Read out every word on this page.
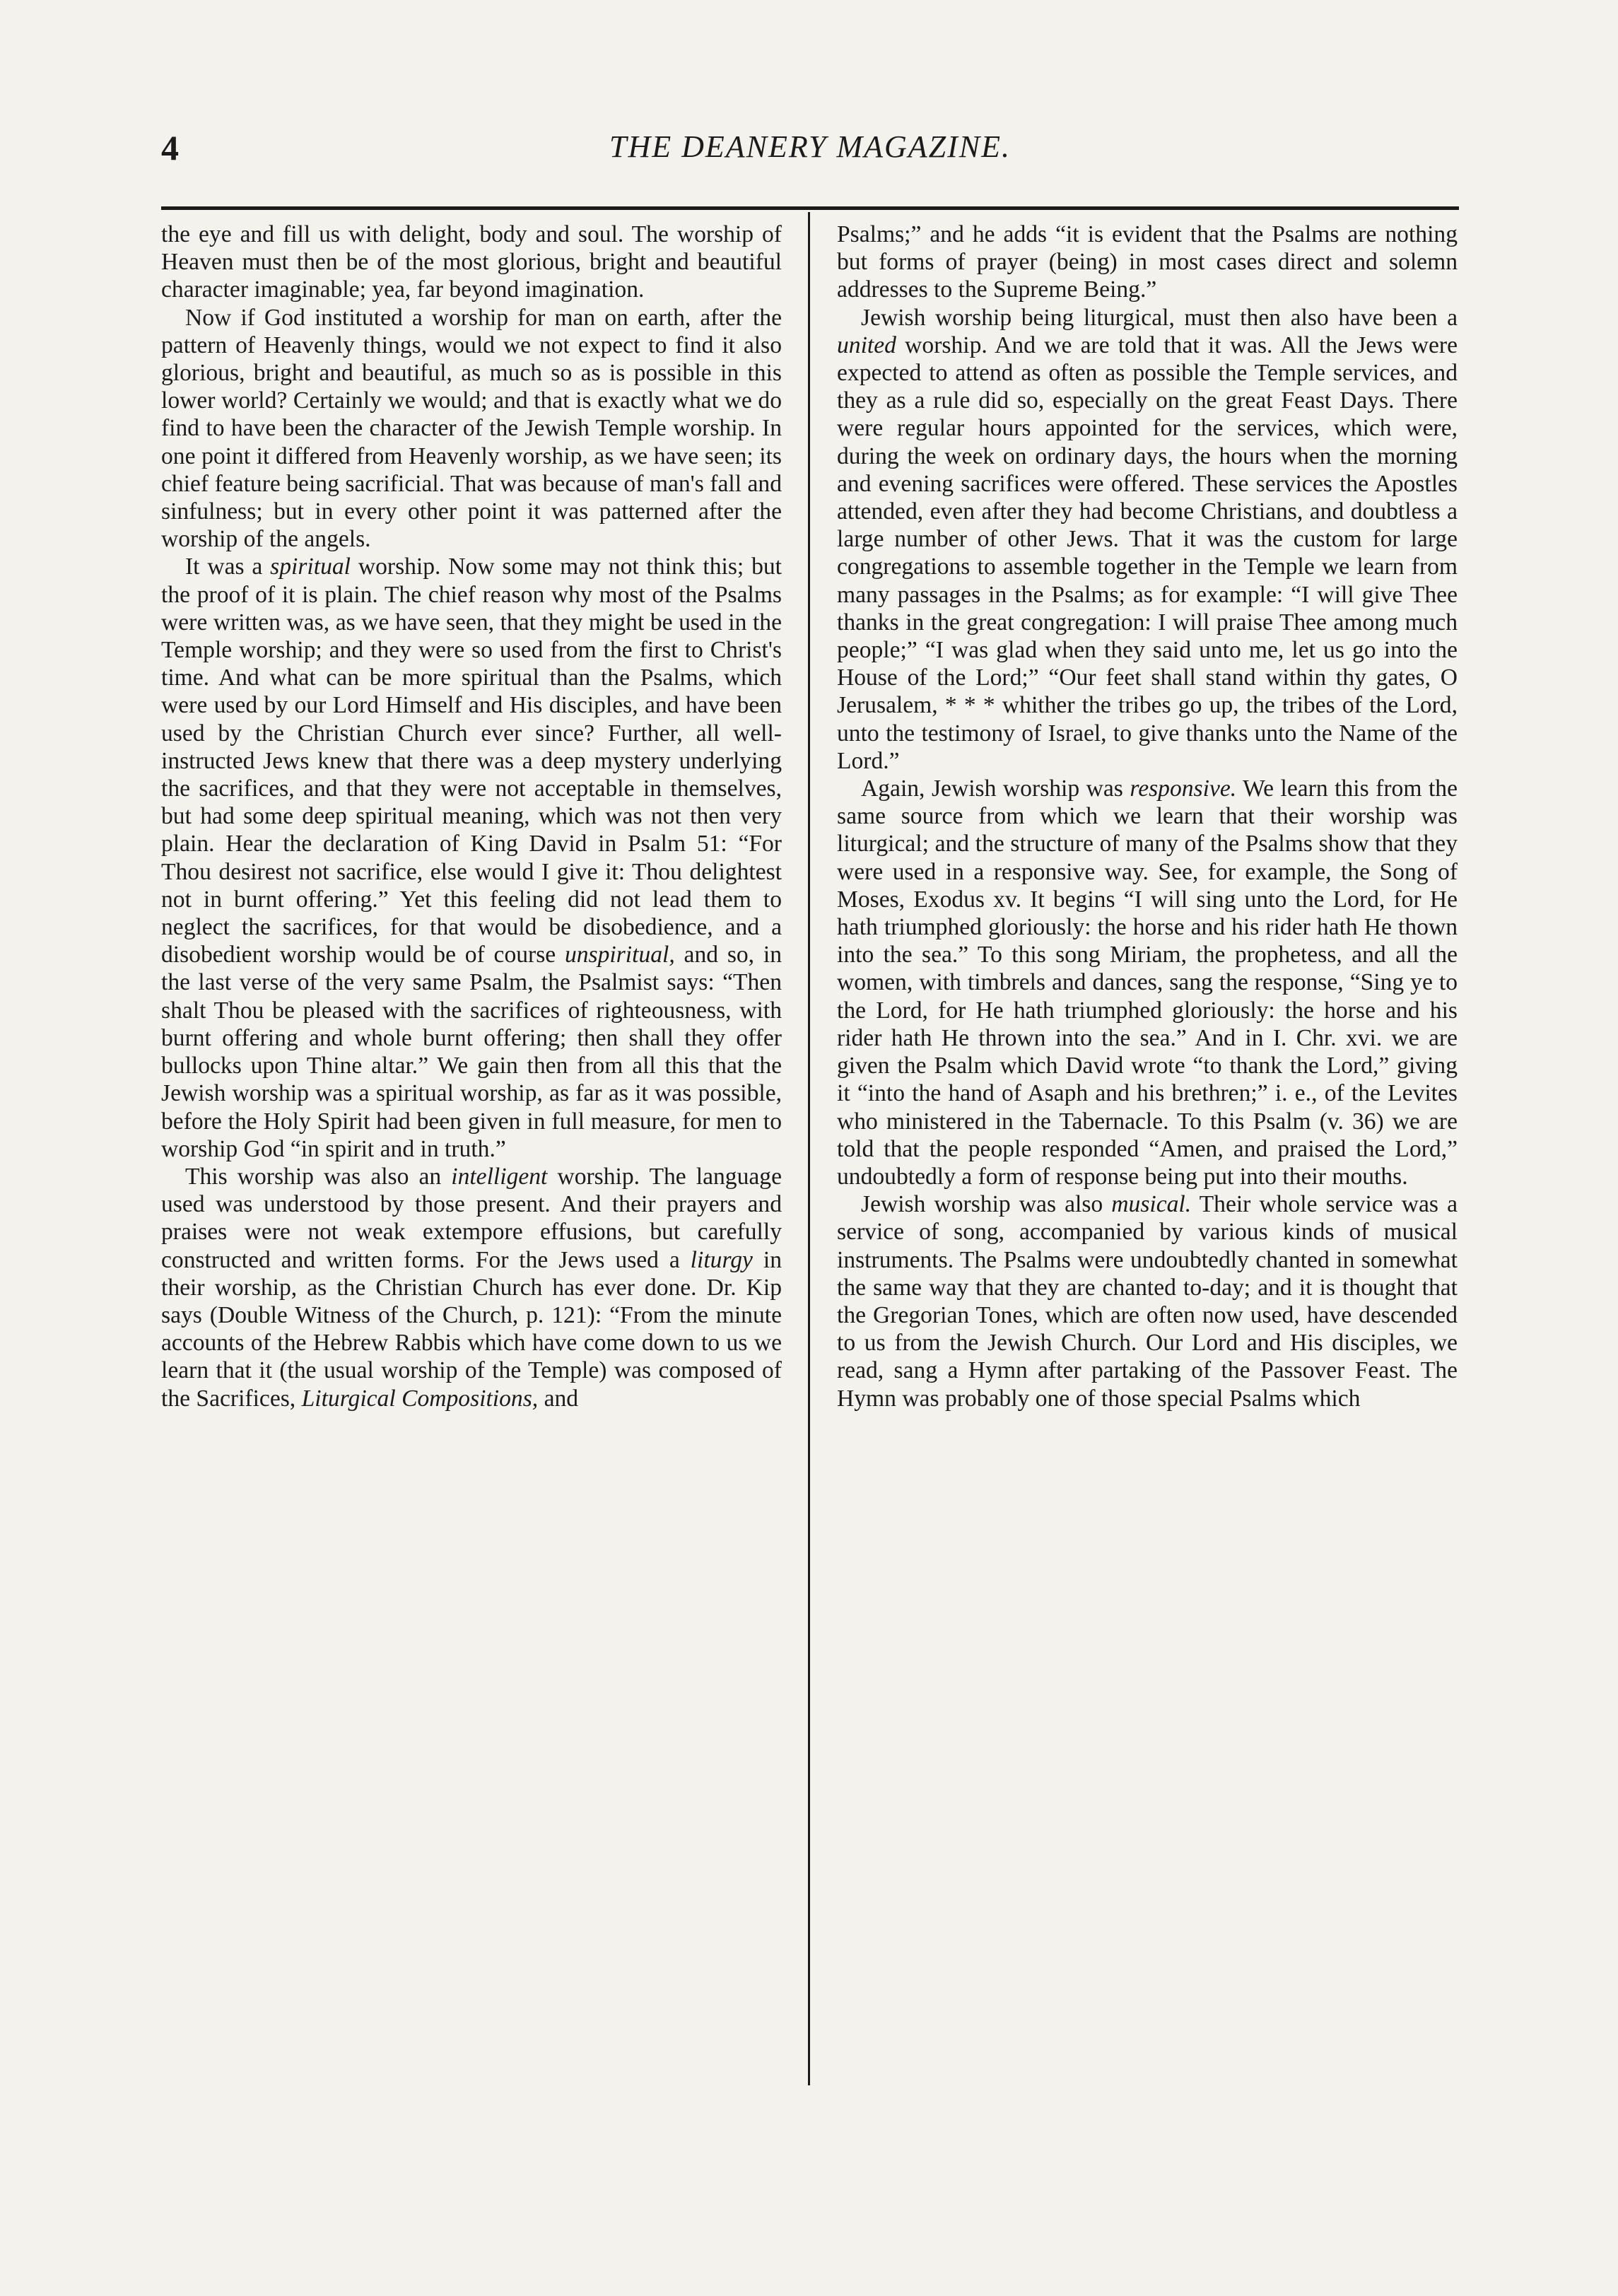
4	THE DEANERY MAGAZINE.

the eye and fill us with delight, body and soul. The worship of Heaven must then be of the most glorious, bright and beautiful character imaginable; yea, far beyond imagination.

Now if God instituted a worship for man on earth, after the pattern of Heavenly things, would we not expect to find it also glorious, bright and beautiful, as much so as is possible in this lower world? Certainly we would; and that is exactly what we do find to have been the character of the Jewish Temple worship. In one point it differed from Heavenly worship, as we have seen; its chief feature being sacrificial. That was because of man's fall and sinfulness; but in every other point it was patterned after the worship of the angels.

It was a spiritual worship. Now some may not think this; but the proof of it is plain. The chief reason why most of the Psalms were written was, as we have seen, that they might be used in the Temple worship; and they were so used from the first to Christ's time. And what can be more spiritual than the Psalms, which were used by our Lord Himself and His disciples, and have been used by the Christian Church ever since? Further, all well-instructed Jews knew that there was a deep mystery underlying the sacrifices, and that they were not acceptable in themselves, but had some deep spiritual meaning, which was not then very plain. Hear the declaration of King David in Psalm 51: “For Thou desirest not sacrifice, else would I give it: Thou delightest not in burnt offering.” Yet this feeling did not lead them to neglect the sacrifices, for that would be disobedience, and a disobedient worship would be of course unspiritual, and so, in the last verse of the very same Psalm, the Psalmist says: “Then shalt Thou be pleased with the sacrifices of righteousness, with burnt offering and whole burnt offering; then shall they offer bullocks upon Thine altar.” We gain then from all this that the Jewish worship was a spiritual worship, as far as it was possible, before the Holy Spirit had been given in full measure, for men to worship God “in spirit and in truth.”

This worship was also an intelligent worship. The language used was understood by those present. And their prayers and praises were not weak extempore effusions, but carefully constructed and written forms. For the Jews used a liturgy in their worship, as the Christian Church has ever done. Dr. Kip says (Double Witness of the Church, p. 121): “From the minute accounts of the Hebrew Rabbis which have come down to us we learn that it (the usual worship of the Temple) was composed of the Sacrifices, Liturgical Compositions, and

Psalms;” and he adds “it is evident that the Psalms are nothing but forms of prayer (being) in most cases direct and solemn addresses to the Supreme Being.”

Jewish worship being liturgical, must then also have been a united worship. And we are told that it was. All the Jews were expected to attend as often as possible the Temple services, and they as a rule did so, especially on the great Feast Days. There were regular hours appointed for the services, which were, during the week on ordinary days, the hours when the morning and evening sacrifices were offered. These services the Apostles attended, even after they had become Christians, and doubtless a large number of other Jews. That it was the custom for large congregations to assemble together in the Temple we learn from many passages in the Psalms; as for example: “I will give Thee thanks in the great congregation: I will praise Thee among much people;” “I was glad when they said unto me, let us go into the House of the Lord;” “Our feet shall stand within thy gates, O Jerusalem, * * * whither the tribes go up, the tribes of the Lord, unto the testimony of Israel, to give thanks unto the Name of the Lord.”

Again, Jewish worship was responsive. We learn this from the same source from which we learn that their worship was liturgical; and the structure of many of the Psalms show that they were used in a responsive way. See, for example, the Song of Moses, Exodus xv. It begins “I will sing unto the Lord, for He hath triumphed gloriously: the horse and his rider hath He thown into the sea.” To this song Miriam, the prophetess, and all the women, with timbrels and dances, sang the response, “Sing ye to the Lord, for He hath triumphed gloriously: the horse and his rider hath He thrown into the sea.” And in I. Chr. xvi. we are given the Psalm which David wrote “to thank the Lord,” giving it “into the hand of Asaph and his brethren;” i. e., of the Levites who ministered in the Tabernacle. To this Psalm (v. 36) we are told that the people responded “Amen, and praised the Lord,” undoubtedly a form of response being put into their mouths.

Jewish worship was also musical. Their whole service was a service of song, accompanied by various kinds of musical instruments. The Psalms were undoubtedly chanted in somewhat the same way that they are chanted to-day; and it is thought that the Gregorian Tones, which are often now used, have descended to us from the Jewish Church. Our Lord and His disciples, we read, sang a Hymn after partaking of the Passover Feast. The Hymn was probably one of those special Psalms which
